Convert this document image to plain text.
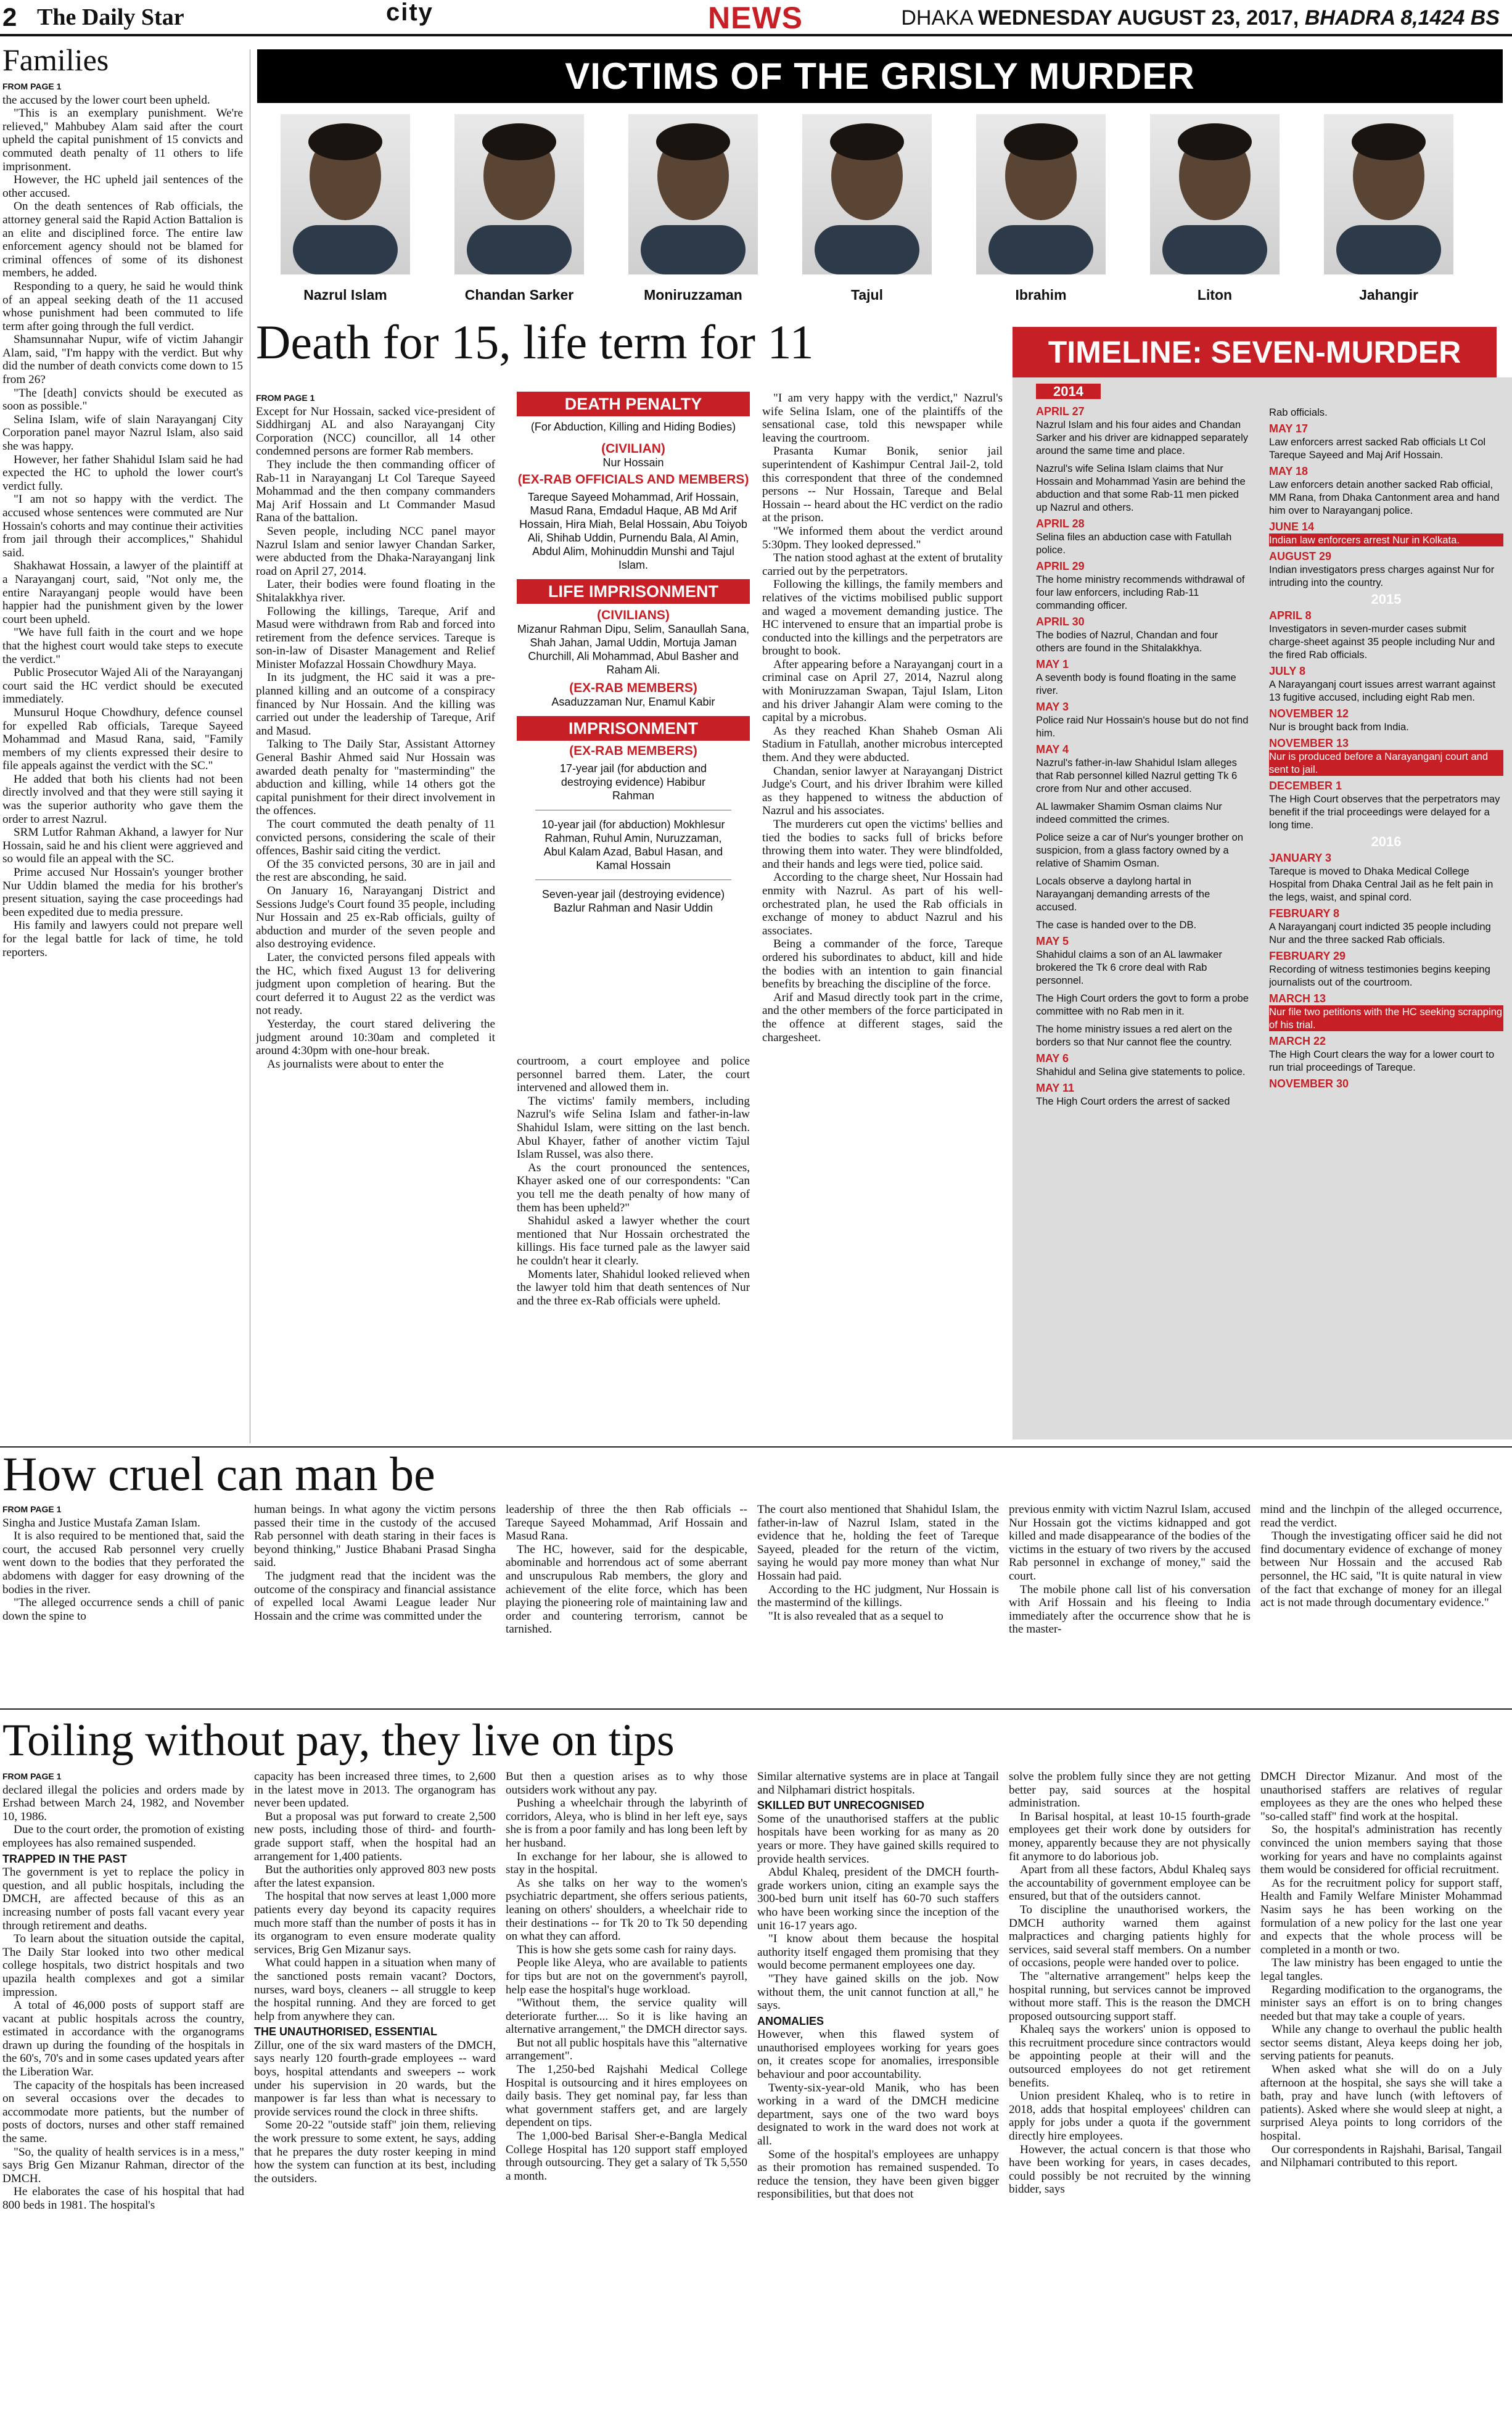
2 The Daily Star	city	NEWS	DHAKA WEDNESDAY AUGUST 23, 2017, BHADRA 8,1424 BS
Families

FROM PAGE 1

the accused by the lower court been upheld.

"This is an exemplary punishment. We're relieved," Mahbubey Alam said after the court upheld the capital punishment of 15 convicts and commuted death penalty of 11 others to life imprisonment.

However, the HC upheld jail sentences of the other accused.

On the death sentences of Rab officials, the attorney general said the Rapid Action Battalion is an elite and disciplined force. The entire law enforcement agency should not be blamed for criminal offences of some of its dishonest members, he added.

Responding to a query, he said he would think of an appeal seeking death of the 11 accused whose punishment had been commuted to life term after going through the full verdict.

Shamsunnahar Nupur, wife of victim Jahangir Alam, said, "I'm happy with the verdict. But why did the number of death convicts come down to 15 from 26?

"The [death] convicts should be executed as soon as possible."

Selina Islam, wife of slain Narayanganj City Corporation panel mayor Nazrul Islam, also said she was happy.

However, her father Shahidul Islam said he had expected the HC to uphold the lower court's verdict fully.

"I am not so happy with the verdict. The accused whose sentences were commuted are Nur Hossain's cohorts and may continue their activities from jail through their accomplices," Shahidul said.

Shakhawat Hossain, a lawyer of the plaintiff at a Narayanganj court, said, "Not only me, the entire Narayanganj people would have been happier had the punishment given by the lower court been upheld.

"We have full faith in the court and we hope that the highest court would take steps to execute the verdict."

Public Prosecutor Wajed Ali of the Narayanganj court said the HC verdict should be executed immediately.

Munsurul Hoque Chowdhury, defence counsel for expelled Rab officials, Tareque Sayeed Mohammad and Masud Rana, said, "Family members of my clients expressed their desire to file appeals against the verdict with the SC."

He added that both his clients had not been directly involved and that they were still saying it was the superior authority who gave them the order to arrest Nazrul.

SRM Lutfor Rahman Akhand, a lawyer for Nur Hossain, said he and his client were aggrieved and so would file an appeal with the SC.

Prime accused Nur Hossain's younger brother Nur Uddin blamed the media for his brother's present situation, saying the case proceedings had been expedited due to media pressure.

His family and lawyers could not prepare well for the legal battle for lack of time, he told reporters.

VICTIMS OF THE GRISLY MURDER
Nazrul Islam	Chandan Sarker	Moniruzzaman	Tajul	Ibrahim	Liton	Jahangir
Death for 15, life term for 11

FROM PAGE 1

Except for Nur Hossain, sacked vice-president of Siddhirganj AL and also Narayanganj City Corporation (NCC) councillor, all 14 other condemned persons are former Rab members.

They include the then commanding officer of Rab-11 in Narayanganj Lt Col Tareque Sayeed Mohammad and the then company commanders Maj Arif Hossain and Lt Commander Masud Rana of the battalion.

Seven people, including NCC panel mayor Nazrul Islam and senior lawyer Chandan Sarker, were abducted from the Dhaka-Narayanganj link road on April 27, 2014.

Later, their bodies were found floating in the Shitalakkhya river.

Following the killings, Tareque, Arif and Masud were withdrawn from Rab and forced into retirement from the defence services. Tareque is son-in-law of Disaster Management and Relief Minister Mofazzal Hossain Chowdhury Maya.

In its judgment, the HC said it was a pre-planned killing and an outcome of a conspiracy financed by Nur Hossain. And the killing was carried out under the leadership of Tareque, Arif and Masud.

Talking to The Daily Star, Assistant Attorney General Bashir Ahmed said Nur Hossain was awarded death penalty for "masterminding" the abduction and killing, while 14 others got the capital punishment for their direct involvement in the offences.

The court commuted the death penalty of 11 convicted persons, considering the scale of their offences, Bashir said citing the verdict.

Of the 35 convicted persons, 30 are in jail and the rest are absconding, he said.

On January 16, Narayanganj District and Sessions Judge's Court found 35 people, including Nur Hossain and 25 ex-Rab officials, guilty of abduction and murder of the seven people and also destroying evidence.

Later, the convicted persons filed appeals with the HC, which fixed August 13 for delivering judgment upon completion of hearing. But the court deferred it to August 22 as the verdict was not ready.

Yesterday, the court stared delivering the judgment around 10:30am and completed it around 4:30pm with one-hour break.

As journalists were about to enter the

DEATH PENALTY
(For Abduction, Killing and Hiding Bodies)
(CIVILIAN)
Nur Hossain
(EX-RAB OFFICIALS AND MEMBERS)
Tareque Sayeed Mohammad, Arif Hossain, Masud Rana, Emdadul Haque, AB Md Arif Hossain, Hira Miah, Belal Hossain, Abu Toiyob Ali, Shihab Uddin, Purnendu Bala, Al Amin, Abdul Alim, Mohinuddin Munshi and Tajul Islam.
LIFE IMPRISONMENT
(CIVILIANS)
Mizanur Rahman Dipu, Selim, Sanaullah Sana, Shah Jahan, Jamal Uddin, Mortuja Jaman Churchill, Ali Mohammad, Abul Basher and Raham Ali.
(EX-RAB MEMBERS)
Asaduzzaman Nur, Enamul Kabir
IMPRISONMENT
(EX-RAB MEMBERS)
17-year jail (for abduction and destroying evidence) Habibur Rahman
10-year jail (for abduction) Mokhlesur Rahman, Ruhul Amin, Nuruzzaman, Abul Kalam Azad, Babul Hasan, and Kamal Hossain
Seven-year jail (destroying evidence) Bazlur Rahman and Nasir Uddin

courtroom, a court employee and police personnel barred them. Later, the court intervened and allowed them in.

The victims' family members, including Nazrul's wife Selina Islam and father-in-law Shahidul Islam, were sitting on the last bench. Abul Khayer, father of another victim Tajul Islam Russel, was also there.

As the court pronounced the sentences, Khayer asked one of our correspondents: "Can you tell me the death penalty of how many of them has been upheld?"

Shahidul asked a lawyer whether the court mentioned that Nur Hossain orchestrated the killings. His face turned pale as the lawyer said he couldn't hear it clearly.

Moments later, Shahidul looked relieved when the lawyer told him that death sentences of Nur and the three ex-Rab officials were upheld.

"I am very happy with the verdict," Nazrul's wife Selina Islam, one of the plaintiffs of the sensational case, told this newspaper while leaving the courtroom.

Prasanta Kumar Bonik, senior jail superintendent of Kashimpur Central Jail-2, told this correspondent that three of the condemned persons -- Nur Hossain, Tareque and Belal Hossain -- heard about the HC verdict on the radio at the prison.

"We informed them about the verdict around 5:30pm. They looked depressed."

The nation stood aghast at the extent of brutality carried out by the perpetrators.

Following the killings, the family members and relatives of the victims mobilised public support and waged a movement demanding justice. The HC intervened to ensure that an impartial probe is conducted into the killings and the perpetrators are brought to book.

After appearing before a Narayanganj court in a criminal case on April 27, 2014, Nazrul along with Moniruzzaman Swapan, Tajul Islam, Liton and his driver Jahangir Alam were coming to the capital by a microbus.

As they reached Khan Shaheb Osman Ali Stadium in Fatullah, another microbus intercepted them. And they were abducted.

Chandan, senior lawyer at Narayanganj District Judge's Court, and his driver Ibrahim were killed as they happened to witness the abduction of Nazrul and his associates.

The murderers cut open the victims' bellies and tied the bodies to sacks full of bricks before throwing them into water. They were blindfolded, and their hands and legs were tied, police said.

According to the charge sheet, Nur Hossain had enmity with Nazrul. As part of his well-orchestrated plan, he used the Rab officials in exchange of money to abduct Nazrul and his associates.

Being a commander of the force, Tareque ordered his subordinates to abduct, kill and hide the bodies with an intention to gain financial benefits by breaching the discipline of the force.

Arif and Masud directly took part in the crime, and the other members of the force participated in the offence at different stages, said the chargesheet.

TIMELINE: SEVEN-MURDER
2014
APRIL 27

Nazrul Islam and his four aides and Chandan Sarker and his driver are kidnapped separately around the same time and place.

Nazrul's wife Selina Islam claims that Nur Hossain and Mohammad Yasin are behind the abduction and that some Rab-11 men picked up Nazrul and others.

APRIL 28

Selina files an abduction case with Fatullah police.

APRIL 29

The home ministry recommends withdrawal of four law enforcers, including Rab-11 commanding officer.

APRIL 30

The bodies of Nazrul, Chandan and four others are found in the Shitalakkhya.

MAY 1

A seventh body is found floating in the same river.

MAY 3

Police raid Nur Hossain's house but do not find him.

MAY 4

Nazrul's father-in-law Shahidul Islam alleges that Rab personnel killed Nazrul getting Tk 6 crore from Nur and other accused.

AL lawmaker Shamim Osman claims Nur indeed committed the crimes.

Police seize a car of Nur's younger brother on suspicion, from a glass factory owned by a relative of Shamim Osman.

Locals observe a daylong hartal in Narayanganj demanding arrests of the accused.

The case is handed over to the DB.

MAY 5

Shahidul claims a son of an AL lawmaker brokered the Tk 6 crore deal with Rab personnel.

The High Court orders the govt to form a probe committee with no Rab men in it.

The home ministry issues a red alert on the borders so that Nur cannot flee the country.

MAY 6

Shahidul and Selina give statements to police.

MAY 11

The High Court orders the arrest of sacked

Rab officials.

MAY 17

Law enforcers arrest sacked Rab officials Lt Col Tareque Sayeed and Maj Arif Hossain.

MAY 18

Law enforcers detain another sacked Rab official, MM Rana, from Dhaka Cantonment area and hand him over to Narayanganj police.

JUNE 14

Indian law enforcers arrest Nur in Kolkata.

AUGUST 29

Indian investigators press charges against Nur for intruding into the country.

2015
APRIL 8

Investigators in seven-murder cases submit charge-sheet against 35 people including Nur and the fired Rab officials.

JULY 8

A Narayanganj court issues arrest warrant against 13 fugitive accused, including eight Rab men.

NOVEMBER 12

Nur is brought back from India.

NOVEMBER 13

Nur is produced before a Narayanganj court and sent to jail.

DECEMBER 1

The High Court observes that the perpetrators may benefit if the trial proceedings were delayed for a long time.

2016
JANUARY 3

Tareque is moved to Dhaka Medical College Hospital from Dhaka Central Jail as he felt pain in the legs, waist, and spinal cord.

FEBRUARY 8

A Narayanganj court indicted 35 people including Nur and the three sacked Rab officials.

FEBRUARY 29

Recording of witness testimonies begins keeping journalists out of the courtroom.

MARCH 13

Nur file two petitions with the HC seeking scrapping of his trial.

MARCH 22

The High Court clears the way for a lower court to run trial proceedings of Tareque.

NOVEMBER 30
How cruel can man be

FROM PAGE 1

Singha and Justice Mustafa Zaman Islam.

It is also required to be mentioned that, said the court, the accused Rab personnel very cruelly went down to the bodies that they perforated the abdomens with dagger for easy drowning of the bodies in the river.

"The alleged occurrence sends a chill of panic down the spine to

human beings. In what agony the victim persons passed their time in the custody of the accused Rab personnel with death staring in their faces is beyond thinking," Justice Bhabani Prasad Singha said.

The judgment read that the incident was the outcome of the conspiracy and financial assistance of expelled local Awami League leader Nur Hossain and the crime was committed under the

leadership of three the then Rab officials -- Tareque Sayeed Mohammad, Arif Hossain and Masud Rana.

The HC, however, said for the despicable, abominable and horrendous act of some aberrant and unscrupulous Rab members, the glory and achievement of the elite force, which has been playing the pioneering role of maintaining law and order and countering terrorism, cannot be tarnished.

The court also mentioned that Shahidul Islam, the father-in-law of Nazrul Islam, stated in the evidence that he, holding the feet of Tareque Sayeed, pleaded for the return of the victim, saying he would pay more money than what Nur Hossain had paid.

According to the HC judgment, Nur Hossain is the mastermind of the killings.

"It is also revealed that as a sequel to

previous enmity with victim Nazrul Islam, accused Nur Hossain got the victims kidnapped and got killed and made disappearance of the bodies of the victims in the estuary of two rivers by the accused Rab personnel in exchange of money," said the court.

The mobile phone call list of his conversation with Arif Hossain and his fleeing to India immediately after the occurrence show that he is the master-

mind and the linchpin of the alleged occurrence, read the verdict.

Though the investigating officer said he did not find documentary evidence of exchange of money between Nur Hossain and the accused Rab personnel, the HC said, "It is quite natural in view of the fact that exchange of money for an illegal act is not made through documentary evidence."

Toiling without pay, they live on tips

FROM PAGE 1

declared illegal the policies and orders made by Ershad between March 24, 1982, and November 10, 1986.

Due to the court order, the promotion of existing employees has also remained suspended.

TRAPPED IN THE PAST

The government is yet to replace the policy in question, and all public hospitals, including the DMCH, are affected because of this as an increasing number of posts fall vacant every year through retirement and deaths.

To learn about the situation outside the capital, The Daily Star looked into two other medical college hospitals, two district hospitals and two upazila health complexes and got a similar impression.

A total of 46,000 posts of support staff are vacant at public hospitals across the country, estimated in accordance with the organograms drawn up during the founding of the hospitals in the 60's, 70's and in some cases updated years after the Liberation War.

The capacity of the hospitals has been increased on several occasions over the decades to accommodate more patients, but the number of posts of doctors, nurses and other staff remained the same.

"So, the quality of health services is in a mess," says Brig Gen Mizanur Rahman, director of the DMCH.

He elaborates the case of his hospital that had 800 beds in 1981. The hospital's

capacity has been increased three times, to 2,600 in the latest move in 2013. The organogram has never been updated.

But a proposal was put forward to create 2,500 new posts, including those of third- and fourth-grade support staff, when the hospital had an arrangement for 1,400 patients.

But the authorities only approved 803 new posts after the latest expansion.

The hospital that now serves at least 1,000 more patients every day beyond its capacity requires much more staff than the number of posts it has in its organogram to even ensure moderate quality services, Brig Gen Mizanur says.

What could happen in a situation when many of the sanctioned posts remain vacant? Doctors, nurses, ward boys, cleaners -- all struggle to keep the hospital running. And they are forced to get help from anywhere they can.

THE UNAUTHORISED, ESSENTIAL

Zillur, one of the six ward masters of the DMCH, says nearly 120 fourth-grade employees -- ward boys, hospital attendants and sweepers -- work under his supervision in 20 wards, but the manpower is far less than what is necessary to provide services round the clock in three shifts.

Some 20-22 "outside staff" join them, relieving the work pressure to some extent, he says, adding that he prepares the duty roster keeping in mind how the system can function at its best, including the outsiders.

But then a question arises as to why those outsiders work without any pay.

Pushing a wheelchair through the labyrinth of corridors, Aleya, who is blind in her left eye, says she is from a poor family and has long been left by her husband.

In exchange for her labour, she is allowed to stay in the hospital.

As she talks on her way to the women's psychiatric department, she offers serious patients, leaning on others' shoulders, a wheelchair ride to their destinations -- for Tk 20 to Tk 50 depending on what they can afford.

This is how she gets some cash for rainy days.

People like Aleya, who are available to patients for tips but are not on the government's payroll, help ease the hospital's huge workload.

"Without them, the service quality will deteriorate further.... So it is like having an alternative arrangement," the DMCH director says.

But not all public hospitals have this "alternative arrangement".

The 1,250-bed Rajshahi Medical College Hospital is outsourcing and it hires employees on daily basis. They get nominal pay, far less than what government staffers get, and are largely dependent on tips.

The 1,000-bed Barisal Sher-e-Bangla Medical College Hospital has 120 support staff employed through outsourcing. They get a salary of Tk 5,550 a month.

Similar alternative systems are in place at Tangail and Nilphamari district hospitals.

SKILLED BUT UNRECOGNISED

Some of the unauthorised staffers at the public hospitals have been working for as many as 20 years or more. They have gained skills required to provide health services.

Abdul Khaleq, president of the DMCH fourth-grade workers union, citing an example says the 300-bed burn unit itself has 60-70 such staffers who have been working since the inception of the unit 16-17 years ago.

"I know about them because the hospital authority itself engaged them promising that they would become permanent employees one day.

"They have gained skills on the job. Now without them, the unit cannot function at all," he says.

ANOMALIES

However, when this flawed system of unauthorised employees working for years goes on, it creates scope for anomalies, irresponsible behaviour and poor accountability.

Twenty-six-year-old Manik, who has been working in a ward of the DMCH medicine department, says one of the two ward boys designated to work in the ward does not work at all.

Some of the hospital's employees are unhappy as their promotion has remained suspended. To reduce the tension, they have been given bigger responsibilities, but that does not

solve the problem fully since they are not getting better pay, said sources at the hospital administration.

In Barisal hospital, at least 10-15 fourth-grade employees get their work done by outsiders for money, apparently because they are not physically fit anymore to do laborious job.

Apart from all these factors, Abdul Khaleq says the accountability of government employee can be ensured, but that of the outsiders cannot.

To discipline the unauthorised workers, the DMCH authority warned them against malpractices and charging patients highly for services, said several staff members. On a number of occasions, people were handed over to police.

The "alternative arrangement" helps keep the hospital running, but services cannot be improved without more staff. This is the reason the DMCH proposed outsourcing support staff.

Khaleq says the workers' union is opposed to this recruitment procedure since contractors would be appointing people at their will and the outsourced employees do not get retirement benefits.

Union president Khaleq, who is to retire in 2018, adds that hospital employees' children can apply for jobs under a quota if the government directly hire employees.

However, the actual concern is that those who have been working for years, in cases decades, could possibly be not recruited by the winning bidder, says

DMCH Director Mizanur. And most of the unauthorised staffers are relatives of regular employees as they are the ones who helped these "so-called staff" find work at the hospital.

So, the hospital's administration has recently convinced the union members saying that those working for years and have no complaints against them would be considered for official recruitment.

As for the recruitment policy for support staff, Health and Family Welfare Minister Mohammad Nasim says he has been working on the formulation of a new policy for the last one year and expects that the whole process will be completed in a month or two.

The law ministry has been engaged to untie the legal tangles.

Regarding modification to the organograms, the minister says an effort is on to bring changes needed but that may take a couple of years.

While any change to overhaul the public health sector seems distant, Aleya keeps doing her job, serving patients for peanuts.

When asked what she will do on a July afternoon at the hospital, she says she will take a bath, pray and have lunch (with leftovers of patients). Asked where she would sleep at night, a surprised Aleya points to long corridors of the hospital.

Our correspondents in Rajshahi, Barisal, Tangail and Nilphamari contributed to this report.
